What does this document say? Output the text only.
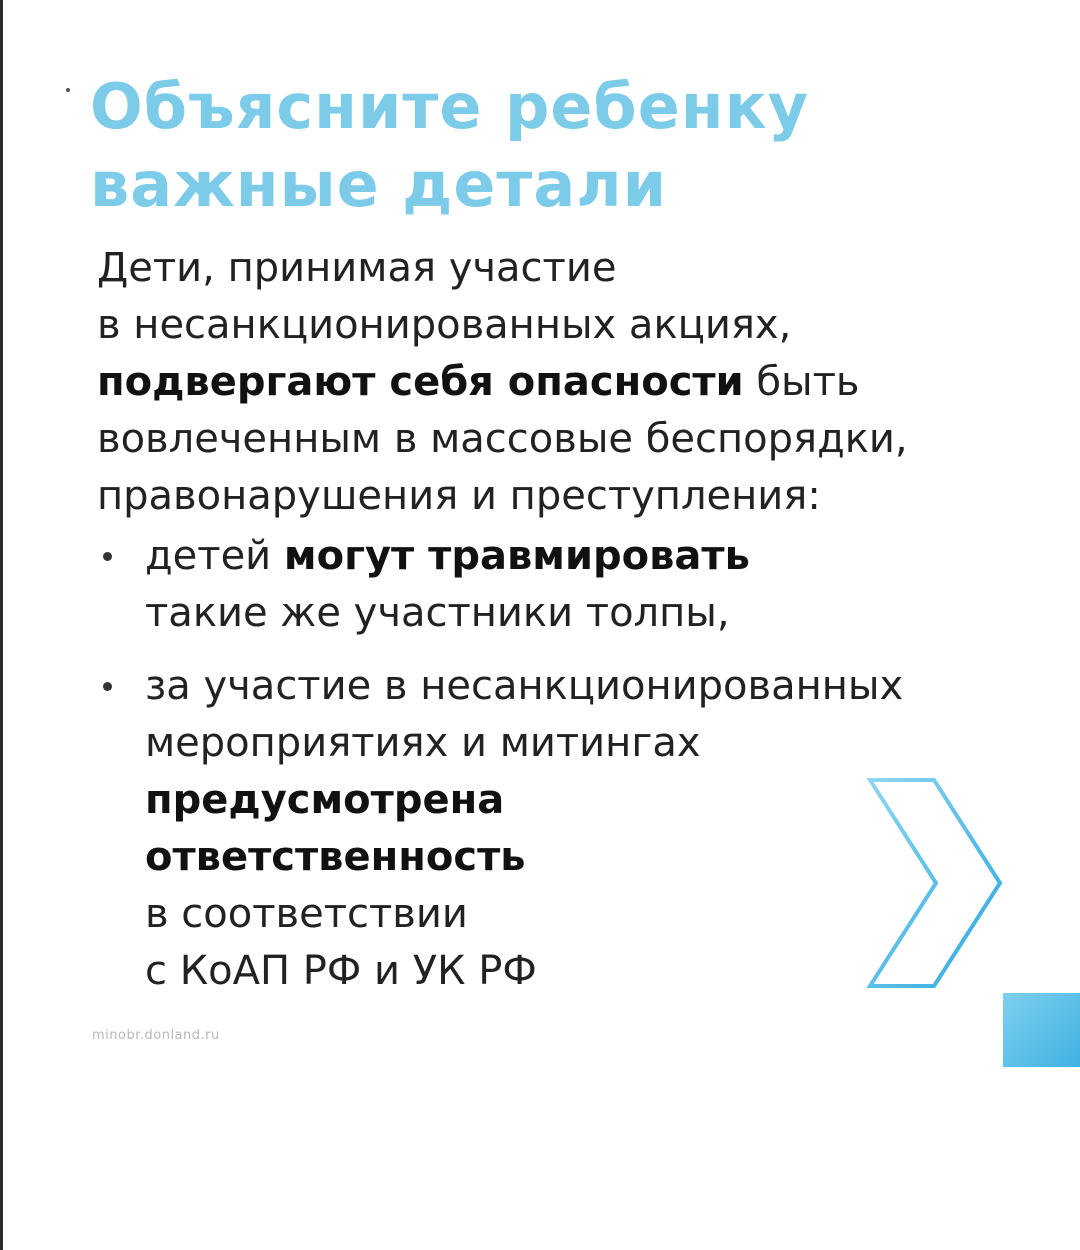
Объясните ребенку
важные детали
Дети, принимая участие
в несанкционированных акциях,
подвергают себя опасности быть
вовлеченным в массовые беспорядки,
правонарушения и преступления:
детей могут травмировать
такие же участники толпы,
за участие в несанкционированных
мероприятиях и митингах
предусмотрена
ответственность
в соответствии
с КоАП РФ и УК РФ
minobr.donland.ru
